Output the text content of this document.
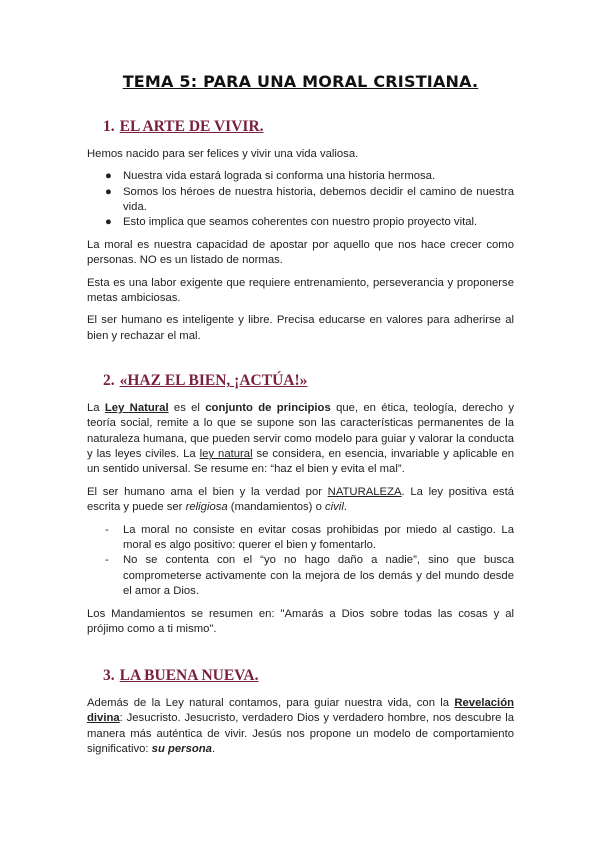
TEMA 5: PARA UNA MORAL CRISTIANA.
1. EL ARTE DE VIVIR.

Hemos nacido para ser felices y vivir una vida valiosa.

● Nuestra vida estará lograda si conforma una historia hermosa.
● Somos los héroes de nuestra historia, debemos decidir el camino de nuestra vida.
● Esto implica que seamos coherentes con nuestro propio proyecto vital.

La moral es nuestra capacidad de apostar por aquello que nos hace crecer como personas. NO es un listado de normas.

Esta es una labor exigente que requiere entrenamiento, perseverancia y proponerse metas ambiciosas.

El ser humano es inteligente y libre. Precisa educarse en valores para adherirse al bien y rechazar el mal.

2. «HAZ EL BIEN, ¡ACTÚA!»

La Ley Natural es el conjunto de principios que, en ética, teología, derecho y teoría social, remite a lo que se supone son las características permanentes de la naturaleza humana, que pueden servir como modelo para guiar y valorar la conducta y las leyes civiles. La ley natural se considera, en esencia, invariable y aplicable en un sentido universal. Se resume en: “haz el bien y evita el mal”.

El ser humano ama el bien y la verdad por NATURALEZA. La ley positiva está escrita y puede ser religiosa (mandamientos) o civil.

- La moral no consiste en evitar cosas prohibidas por miedo al castigo. La moral es algo positivo: querer el bien y fomentarlo.
- No se contenta con el “yo no hago daño a nadie”, sino que busca comprometerse activamente con la mejora de los demás y del mundo desde el amor a Dios.

Los Mandamientos se resumen en: "Amarás a Dios sobre todas las cosas y al prójimo como a ti mismo".

3. LA BUENA NUEVA.

Además de la Ley natural contamos, para guiar nuestra vida, con la Revelación divina: Jesucristo. Jesucristo, verdadero Dios y verdadero hombre, nos descubre la manera más auténtica de vivir. Jesús nos propone un modelo de comportamiento significativo: su persona.
